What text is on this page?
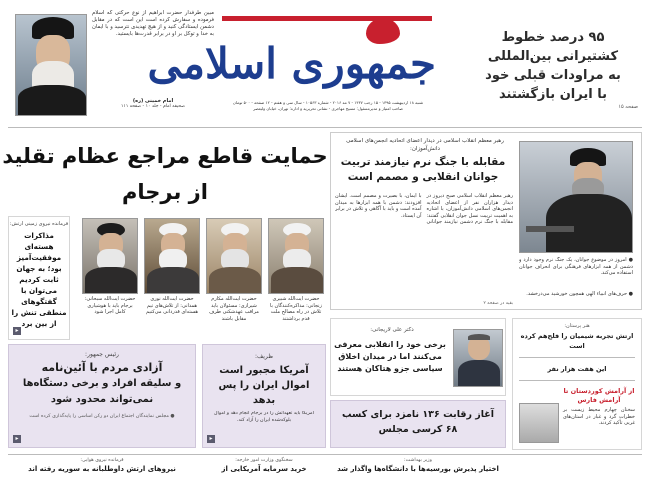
۹۵ درصد خطوط
کشتیرانی بین‌المللی
به مراودات قبلی خود
با ایران بازگشتند
صفحه ۱۵
جمهوری اسلامی
شنبه ۱۸ اردیبهشت ۱۳۹۵ - ۱۵ رجب ۱۴۳۷ - ۷ مه ۲۰۱۶ - شماره ۱۰۵۶۳ - سال سی و هفتم - ۱۲ صفحه - ۵۰۰ تومان
صاحب امتیاز و مدیرمسئول: مسیح مهاجری - نشانی تحریریه و اداره: تهران، خیابان ولیعصر
مبین طرفدار حضرت ابراهیم از نوع حرکتی که اسلام فرموده و سفارش کرده است این است که در مقابل دشمن ایستادگی کنید و از هیچ تهدیدی نترسید و با ایمان به خدا و توکل بر او در برابر قدرت‌ها بایستید.
امام خمینی (ره)
صحیفه امام - جلد ۱۰ - صفحه ۱۱۱
حمایت قاطع مراجع عظام تقلید
از برجام
رهبر معظم انقلاب اسلامی در دیدار اعضای اتحادیه انجمن‌های اسلامی دانش‌آموزان:
مقابله با جنگ نرم نیازمند تربیت
جوانان انقلابی و مصمم است
رهبر معظم انقلاب اسلامی صبح دیروز در دیدار هزاران نفر از اعضای اتحادیه انجمن‌های اسلامی دانش‌آموزان، با اشاره به اهمیت تربیت نسل جوان انقلابی گفتند: مقابله با جنگ نرم دشمن نیازمند جوانانی با ایمان، با بصیرت و مصمم است. ایشان افزودند: دشمن با همه ابزارها به میدان آمده است و باید با آگاهی و تلاش در برابر آن ایستاد.
بقیه در صفحه ۲
● امروز در موضوع جوانان، یک جنگ نرم وجود دارد و دشمن از همه ابزارهای فرهنگی برای انحراف جوانان استفاده می‌کند.
● حرف‌های انبیاء الهی همچون خورشید می‌درخشد.
فرمانده نیروی زمینی ارتش:
مذاکرات هسته‌ای موفقیت‌آمیز بود؛ به جهان ثابت کردیم می‌توان با گفتگوهای منطقی تنش را از بین برد
▸
حضرت آیت‌الله شبیری زنجانی: مذاکره‌کنندگان با تلاش در راه مصالح ملت قدم برداشتند
حضرت آیت‌الله مکارم شیرازی: مسئولان باید مراقب عهدشکنی طرف مقابل باشند
حضرت آیت‌الله نوری همدانی: از تلاش‌های تیم هسته‌ای قدردانی می‌کنیم
حضرت آیت‌الله سبحانی: برجام باید با هوشیاری کامل اجرا شود
دکتر علی لاریجانی:
برخی خود را انقلابی معرفی می‌کنند اما در میدان اخلاق سیاسی جزو هتاکان هستند
رئیس جمهور:
آزادی مردم با آئین‌نامه
و سلیقه افراد و برخی دستگاه‌ها
نمی‌تواند محدود شود
● مجلس نمایندگان اجتماع ایران دو رکن اساسی را پایه‌گذاری کرده است
▸
ظریف:
آمریکا مجبور است اموال ایران را پس بدهد
آمریکا باید تعهداتش را در برجام انجام دهد و اموال بلوکه‌شده ایران را آزاد کند.
▸
آغاز رقابت ۱۳۶ نامزد برای کسب
۶۸ کرسی مجلس
هنر پرستان:
ارتش تجربه شیمیان را فلح‌هم کرده است
این هفت هزار نفر
از آرامش کوردستان تا آرامش فارس
سخنان چهارم محیط زیست بر خطرات گرد و غبار در استان‌های غربی تأکید کردند.
فرمانده نیروی هوایی:
نیروهای ارتش داوطلبانه به سوریه رفته اند
سخنگوی وزارت امور خارجه:
خرید سرمایه آمریکایی از
وزیر بهداشت:
اختیار پذیرش بورسیه‌ها با دانشگاه‌ها واگذار شد
